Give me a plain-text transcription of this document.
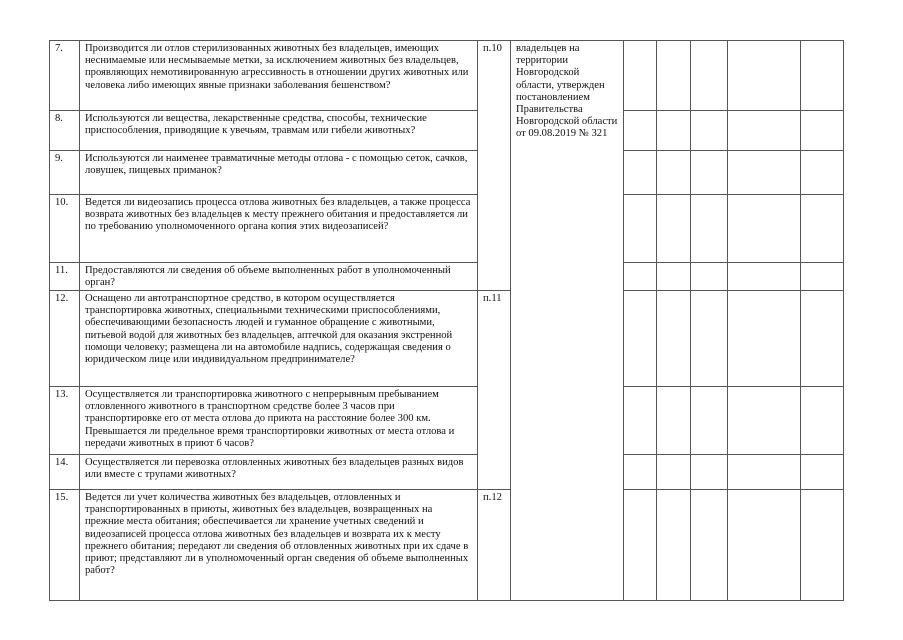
7.	Производится ли отлов стерилизованных животных без владельцев, имеющих неснимаемые или несмываемые метки, за исключением животных без владельцев, проявляющих немотивированную агрессивность в отношении других животных или человека либо имеющих явные признаки заболевания бешенством?	п.10	владельцев на территории Новгородской области, утвержден постановлением Правительства Новгородской области от 09.08.2019 № 321					
8.	Используются ли вещества, лекарственные средства, способы, технические приспособления, приводящие к увечьям, травмам или гибели животных?							
9.	Используются ли наименее травматичные методы отлова - с помощью сеток, сачков, ловушек, пищевых приманок?							
10.	Ведется ли видеозапись процесса отлова животных без владельцев, а также процесса возврата животных без владельцев к месту прежнего обитания и предоставляется ли по требованию уполномоченного органа копия этих видеозаписей?							
11.	Предоставляются ли сведения об объеме выполненных работ в уполномоченный орган?							
12.	Оснащено ли автотранспортное средство, в котором осуществляется транспортировка животных, специальными техническими приспособлениями, обеспечивающими безопасность людей и гуманное обращение с животными, питьевой водой для животных без владельцев, аптечкой для оказания экстренной помощи человеку; размещена ли на автомобиле надпись, содержащая сведения о юридическом лице или индивидуальном предпринимателе?	п.11						
13.	Осуществляется ли транспортировка животного с непрерывным пребыванием отловленного животного в транспортном средстве более 3 часов при транспортировке его от места отлова до приюта на расстояние более 300 км. Превышается ли предельное время транспортировки животных от места отлова и передачи животных в приют 6 часов?							
14.	Осуществляется ли перевозка отловленных животных без владельцев разных видов или вместе с трупами животных?							
15.	Ведется ли учет количества животных без владельцев, отловленных и транспортированных в приюты, животных без владельцев, возвращенных на прежние места обитания; обеспечивается ли хранение учетных сведений и видеозаписей процесса отлова животных без владельцев и возврата их к месту прежнего обитания; передают ли сведения об отловленных животных при их сдаче в приют; представляют ли в уполномоченный орган сведения об объеме выполненных работ?	п.12						
